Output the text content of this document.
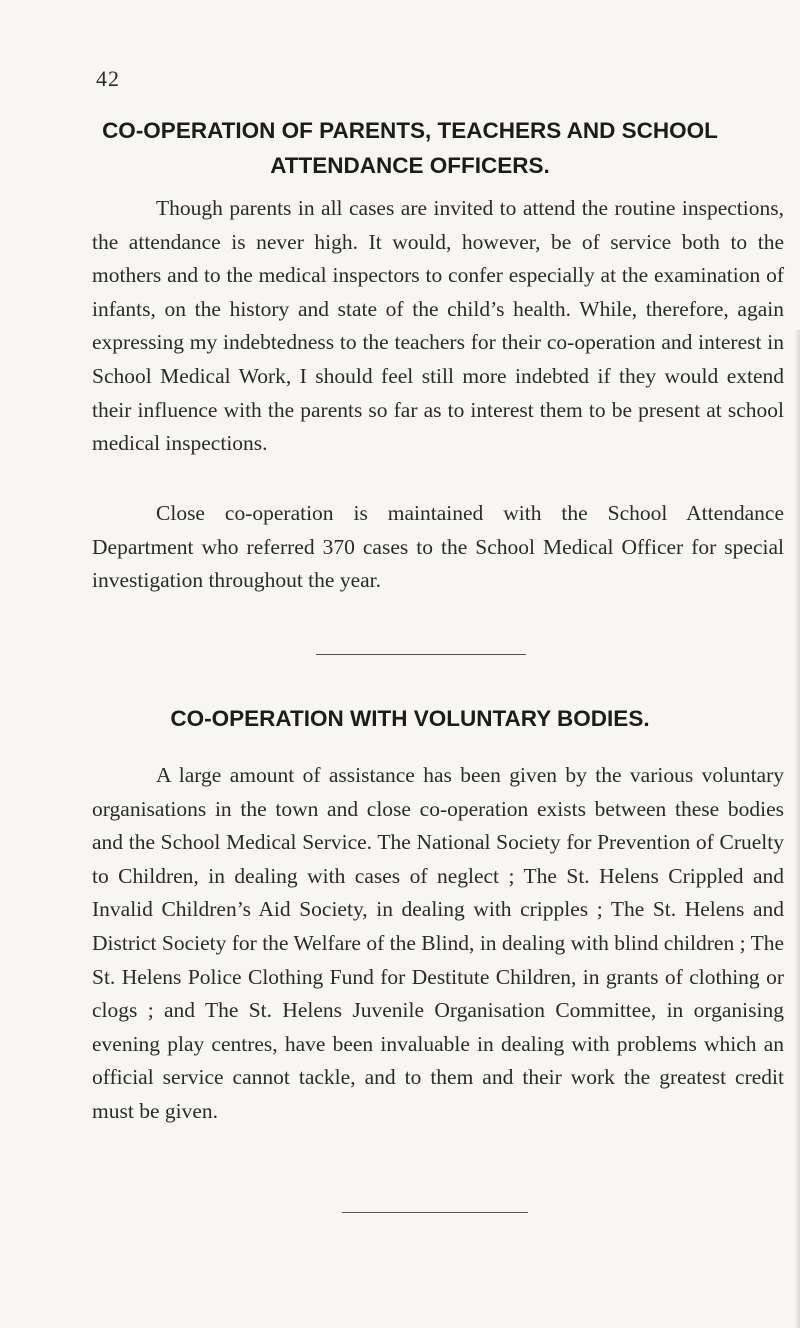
42
CO-OPERATION OF PARENTS, TEACHERS AND SCHOOL ATTENDANCE OFFICERS.

Though parents in all cases are invited to attend the routine inspections, the attendance is never high. It would, however, be of service both to the mothers and to the medical inspectors to confer especially at the examination of infants, on the history and state of the child’s health. While, therefore, again expressing my indebtedness to the teachers for their co-operation and interest in School Medical Work, I should feel still more indebted if they would extend their influence with the parents so far as to interest them to be present at school medical inspections.

Close co-operation is maintained with the School Attendance Department who referred 370 cases to the School Medical Officer for special investigation throughout the year.

CO-OPERATION WITH VOLUNTARY BODIES.

A large amount of assistance has been given by the various voluntary organisations in the town and close co-operation exists between these bodies and the School Medical Service. The National Society for Prevention of Cruelty to Children, in dealing with cases of neglect ; The St. Helens Crippled and Invalid Children’s Aid Society, in dealing with cripples ; The St. Helens and District Society for the Welfare of the Blind, in dealing with blind children ; The St. Helens Police Clothing Fund for Destitute Children, in grants of clothing or clogs ; and The St. Helens Juvenile Organisation Committee, in organising evening play centres, have been invaluable in dealing with problems which an official service cannot tackle, and to them and their work the greatest credit must be given.
